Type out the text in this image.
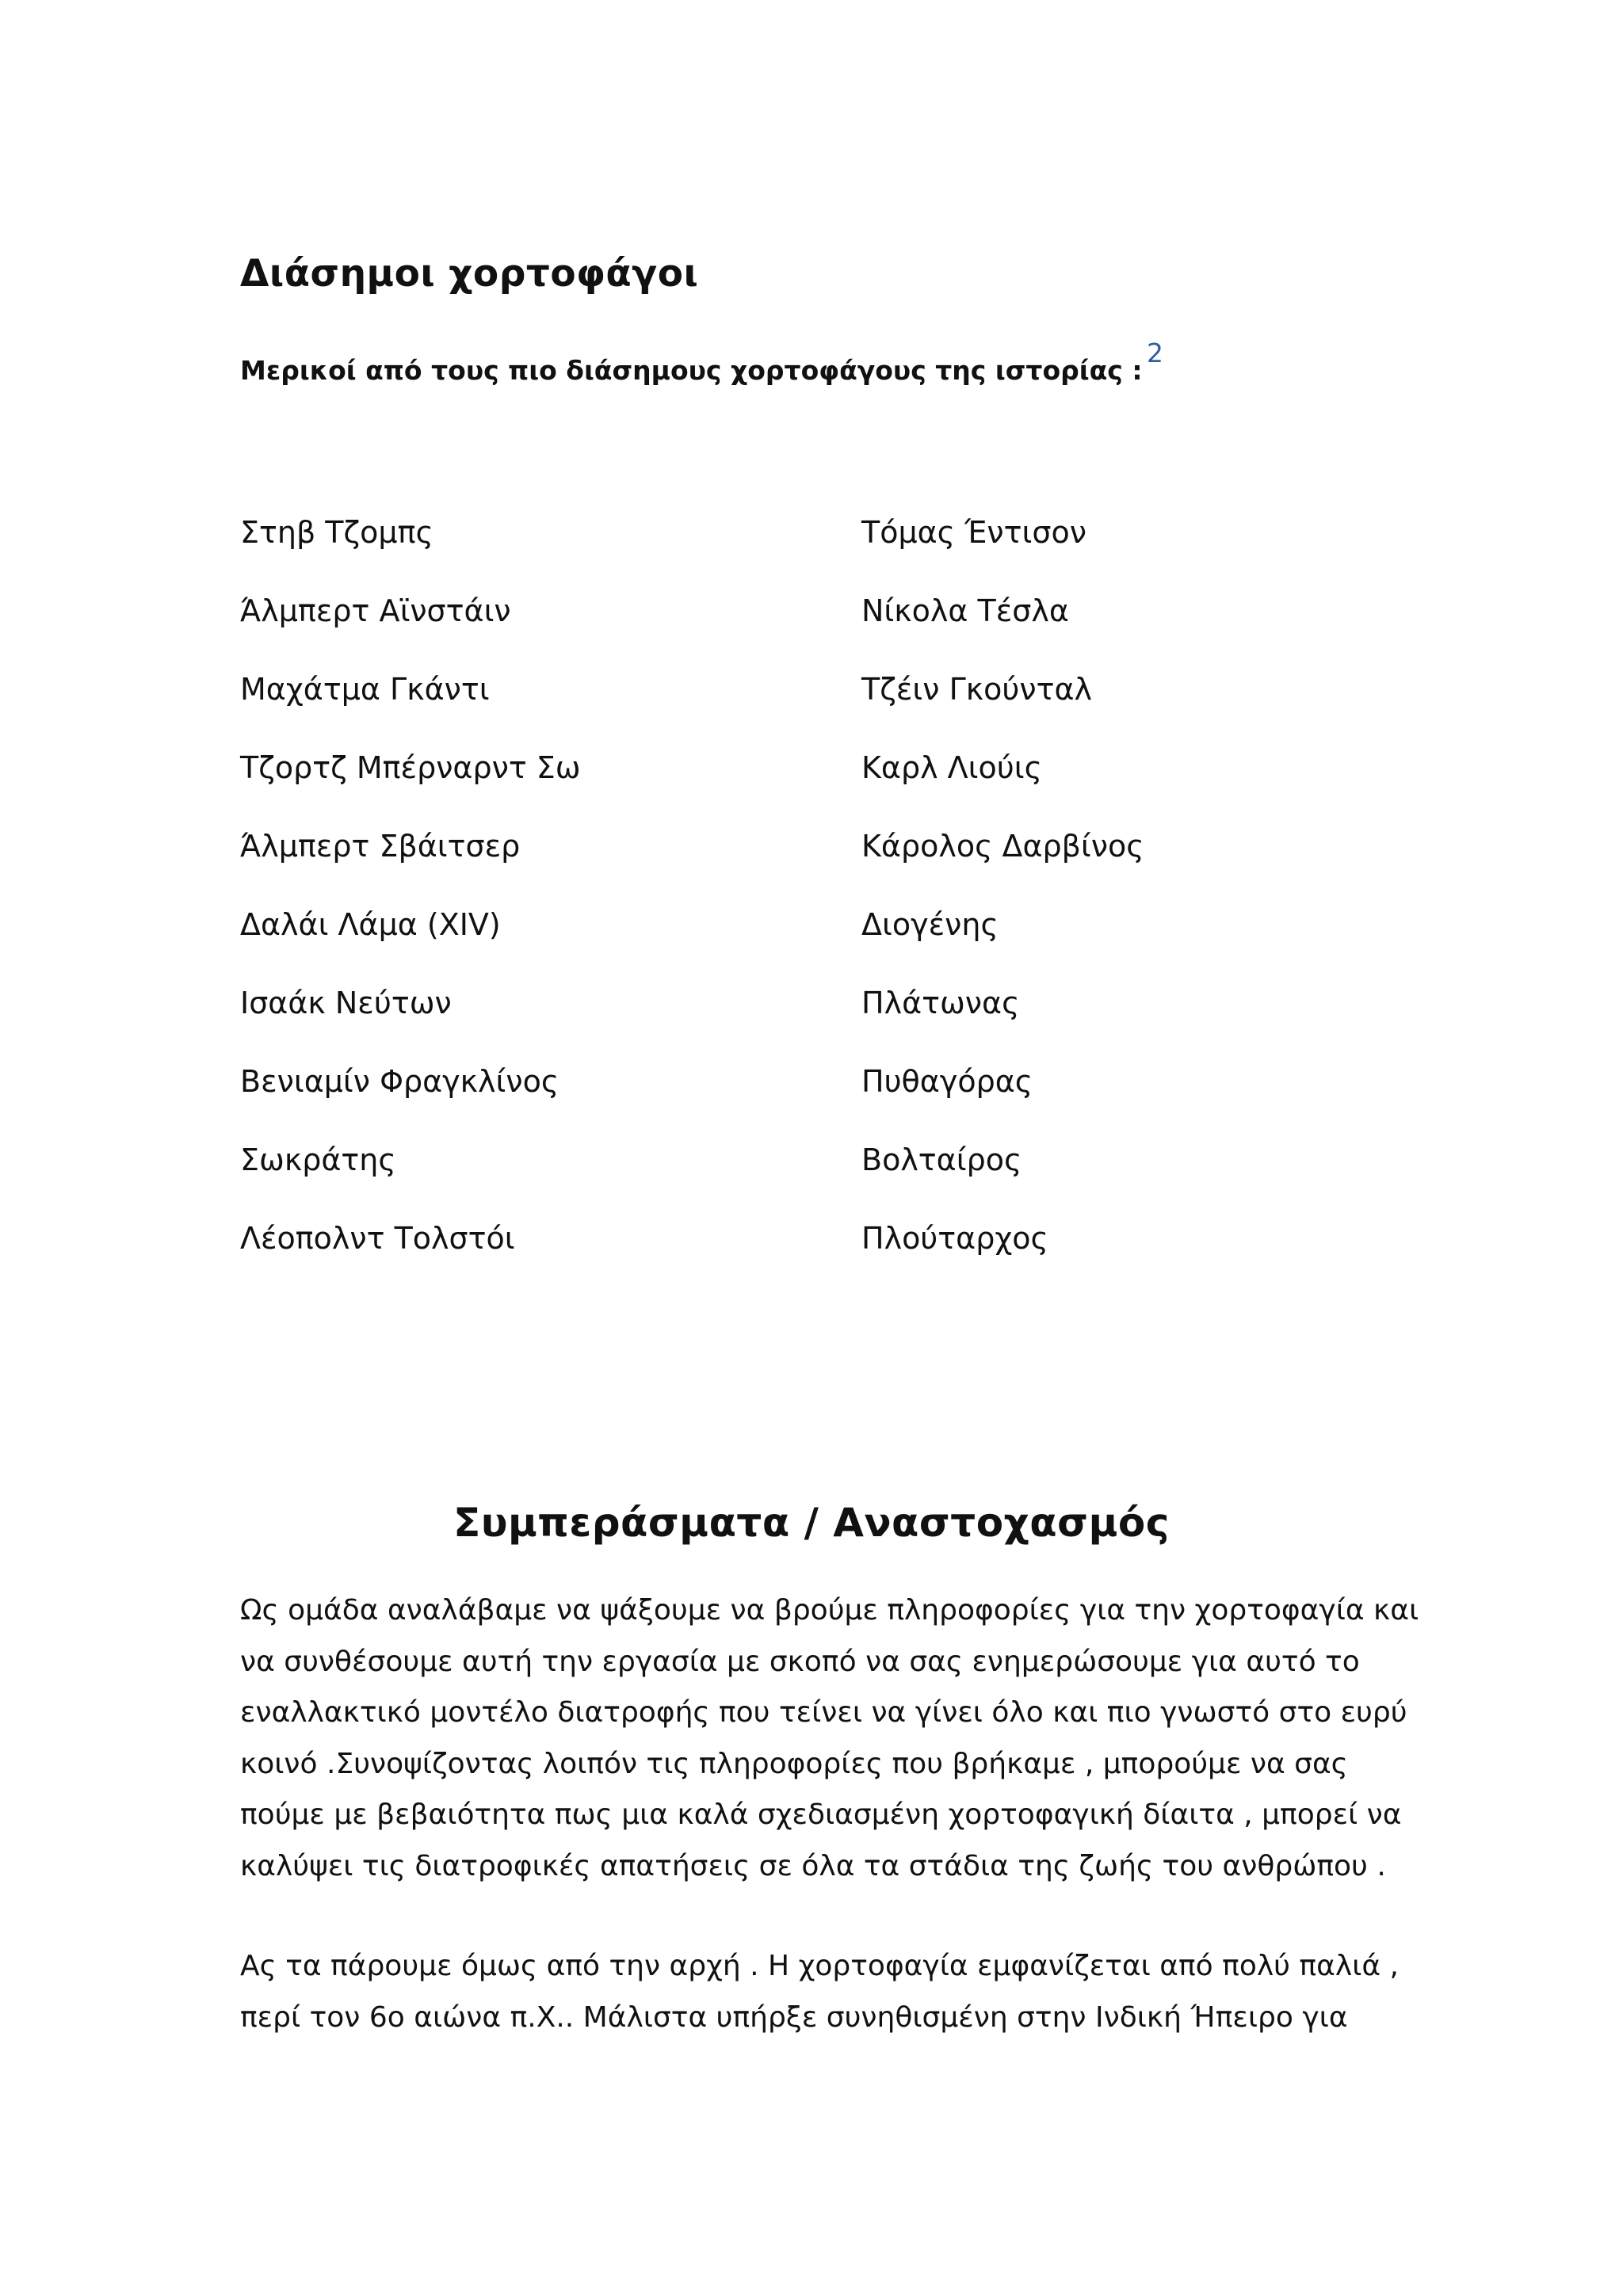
Διάσημοι χορτοφάγοι
Μερικοί από τους πιο διάσημους χορτοφάγους της ιστορίας :
2
Στηβ Τζομπς
Άλμπερτ Αϊνστάιν
Μαχάτμα Γκάντι
Τζορτζ Μπέρναρντ Σω
Άλμπερτ Σβάιτσερ
Δαλάι Λάμα (XIV)
Ισαάκ Νεύτων
Βενιαμίν Φραγκλίνος
Σωκράτης
Λέοπολντ Τολστόι
Τόμας Έντισον
Νίκολα Τέσλα
Τζέιν Γκούνταλ
Καρλ Λιούις
Κάρολος Δαρβίνος
Διογένης
Πλάτωνας
Πυθαγόρας
Βολταίρος
Πλούταρχος
Συμπεράσματα / Αναστοχασμός
Ως ομάδα αναλάβαμε να ψάξουμε να βρούμε πληροφορίες για την χορτοφαγία και
να συνθέσουμε αυτή την εργασία με σκοπό να σας ενημερώσουμε για αυτό το
εναλλακτικό μοντέλο διατροφής που τείνει να γίνει όλο και πιο γνωστό στο ευρύ
κοινό .Συνοψίζοντας λοιπόν τις πληροφορίες που βρήκαμε , μπορούμε να σας
πούμε με βεβαιότητα πως μια καλά σχεδιασμένη χορτοφαγική δίαιτα , μπορεί να
καλύψει τις διατροφικές απατήσεις σε όλα τα στάδια της ζωής του ανθρώπου .
Ας τα πάρουμε όμως από την αρχή . Η χορτοφαγία εμφανίζεται από πολύ παλιά ,
περί τον 6ο αιώνα π.Χ.. Μάλιστα υπήρξε συνηθισμένη στην Ινδική Ήπειρο για
